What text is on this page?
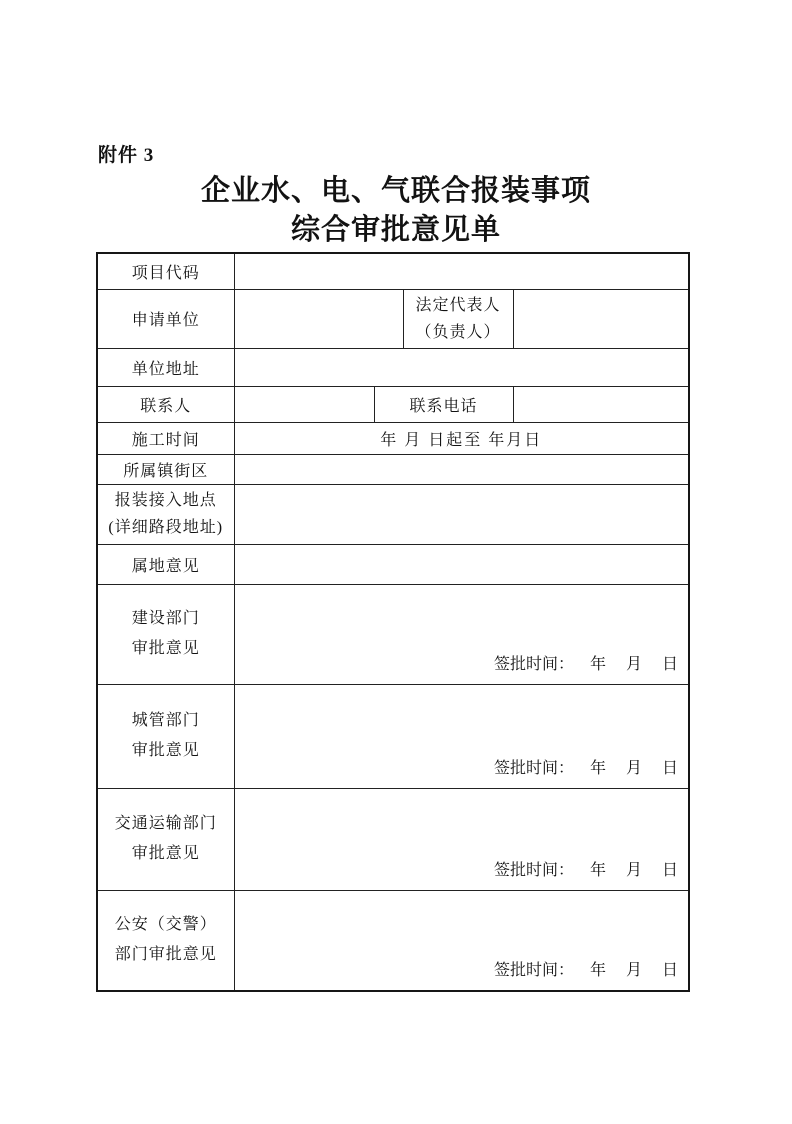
附件 3
企业水、电、气联合报装事项
综合审批意见单
项目代码				
申请单位			法定代表人
（负责人）	

单位地址				
联系人		联系电话		
施工时间	年 月 日起至 年月日			
所属镇街区				

报装接入地点
(详细路段地址)				

属地意见				

建设部门
审批意见	签批时间： 年　月　日			

城管部门
审批意见	签批时间： 年　月　日			

交通运输部门
审批意见	签批时间： 年　月　日			

公安（交警）
部门审批意见	签批时间： 年　月　日			
